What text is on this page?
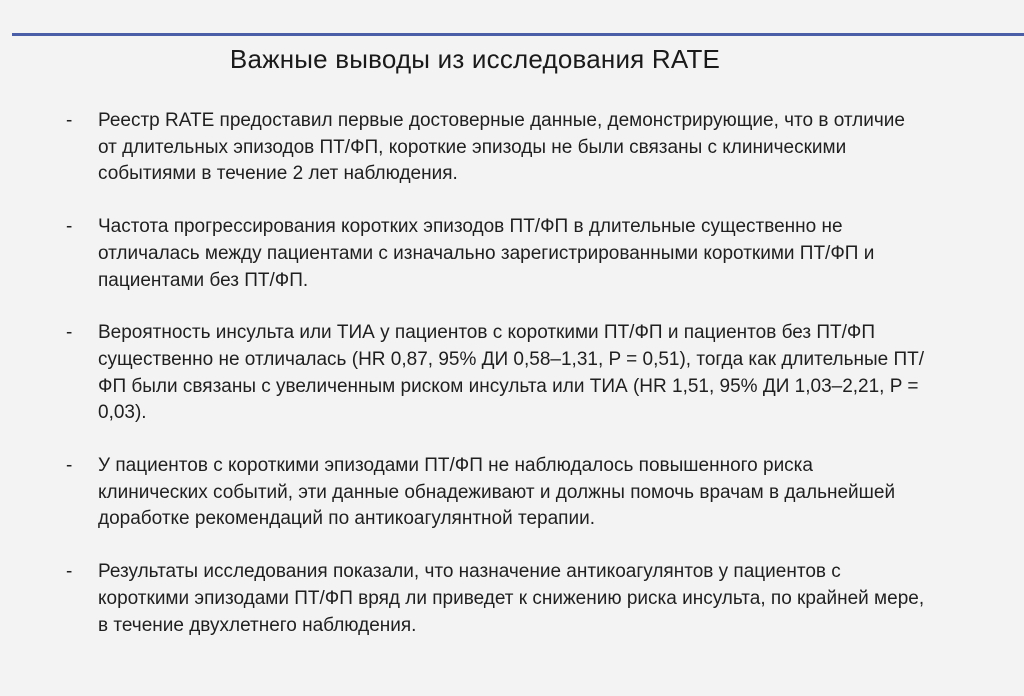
Важные выводы из исследования RATE
-	Реестр RATE предоставил первые достоверные данные, демонстрирующие, что в отличие от длительных эпизодов ПТ/ФП, короткие эпизоды не были связаны с клиническими событиями в течение 2 лет наблюдения.
-	Частота прогрессирования коротких эпизодов ПТ/ФП в длительные существенно не отличалась между пациентами с изначально зарегистрированными короткими ПТ/ФП и пациентами без ПТ/ФП.
-	Вероятность инсульта или ТИА у пациентов с короткими ПТ/ФП и пациентов без ПТ/ФП существенно не отличалась (HR 0,87, 95% ДИ 0,58–1,31, P = 0,51), тогда как длительные ПТ/ФП были связаны с увеличенным риском инсульта или ТИА (HR 1,51, 95% ДИ 1,03–2,21, P = 0,03).
-	У пациентов с короткими эпизодами ПТ/ФП не наблюдалось повышенного риска клинических событий, эти данные обнадеживают и должны помочь врачам в дальнейшей доработке рекомендаций по антикоагулянтной терапии.
-	Результаты исследования показали, что назначение антикоагулянтов у пациентов с короткими эпизодами ПТ/ФП вряд ли приведет к снижению риска инсульта, по крайней мере, в течение двухлетнего наблюдения.
